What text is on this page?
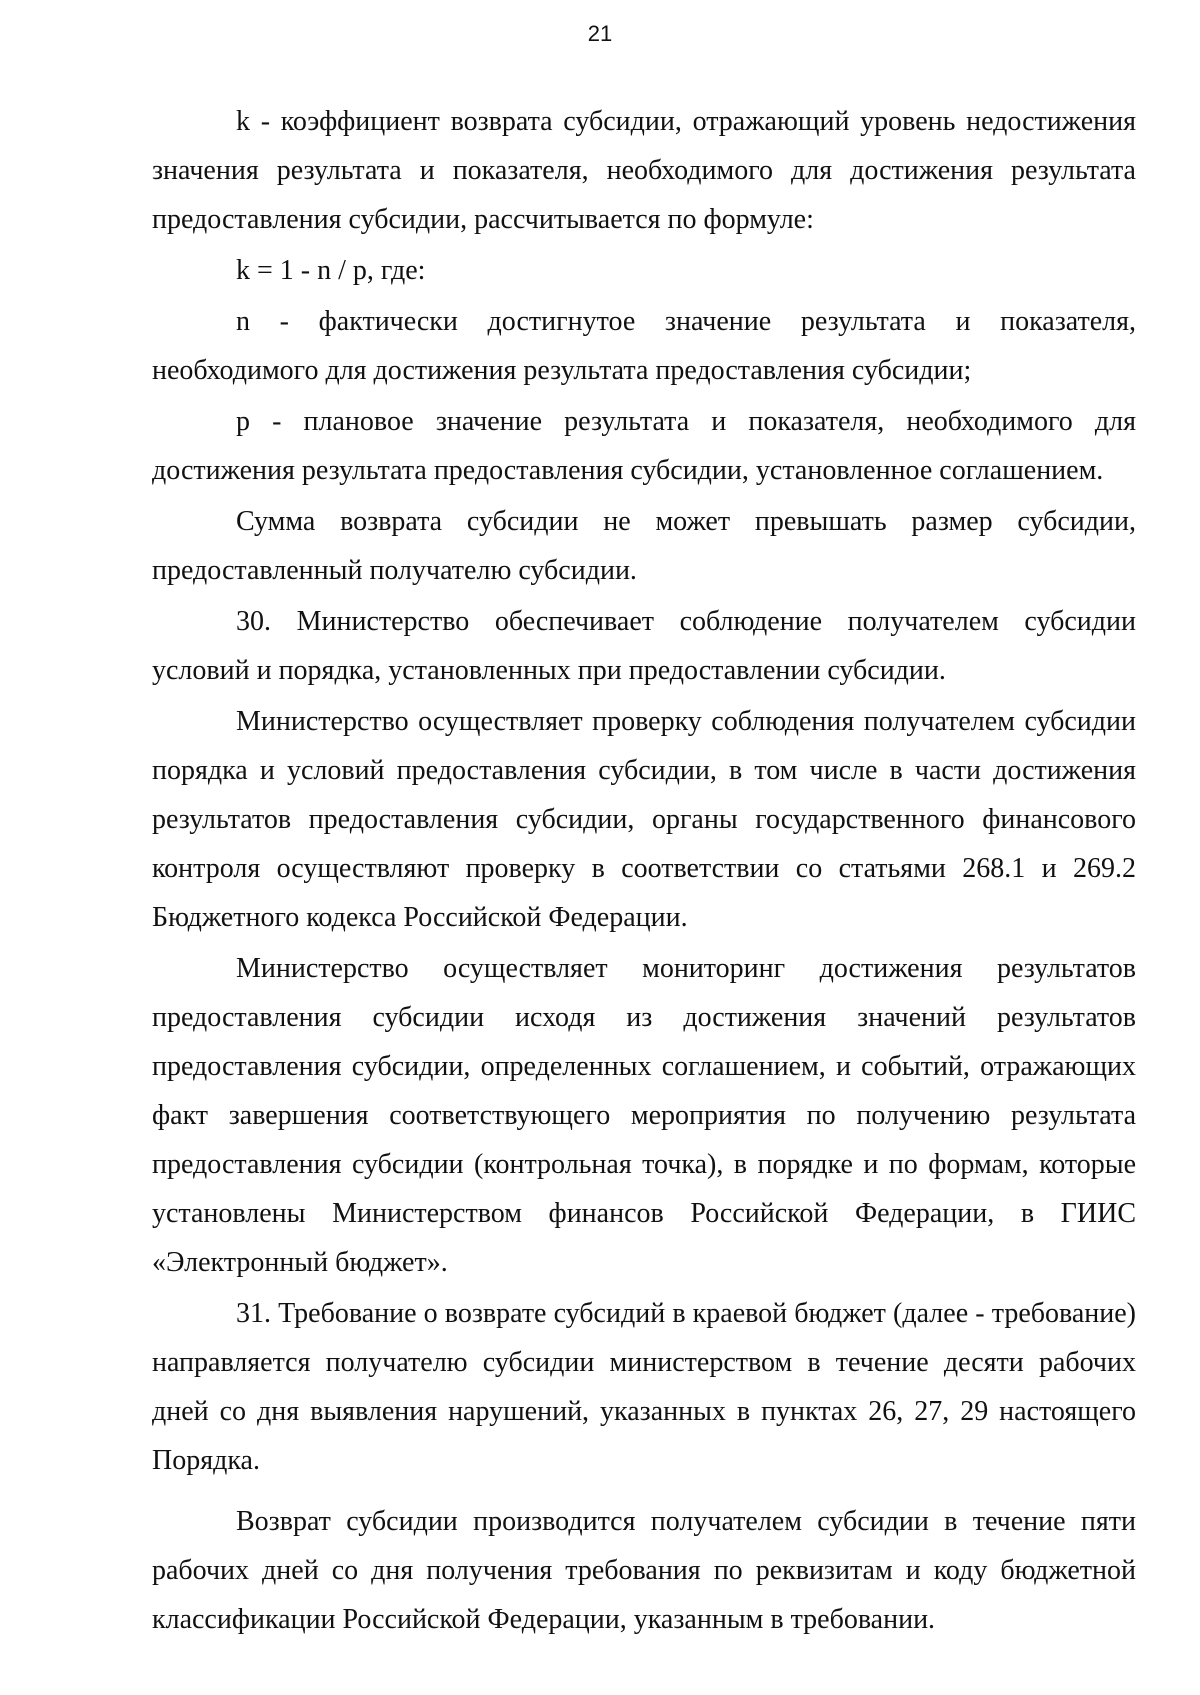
21

k - коэффициент возврата субсидии, отражающий уровень недостижения значения результата и показателя, необходимого для достижения результата предоставления субсидии, рассчитывается по формуле:

k = 1 - n / p, где:

n - фактически достигнутое значение результата и показателя, необходимого для достижения результата предоставления субсидии;

p - плановое значение результата и показателя, необходимого для достижения результата предоставления субсидии, установленное соглашением.

Сумма возврата субсидии не может превышать размер субсидии, предоставленный получателю субсидии.

30. Министерство обеспечивает соблюдение получателем субсидии условий и порядка, установленных при предоставлении субсидии.

Министерство осуществляет проверку соблюдения получателем субсидии порядка и условий предоставления субсидии, в том числе в части достижения результатов предоставления субсидии, органы государственного финансового контроля осуществляют проверку в соответствии со статьями 268.1 и 269.2 Бюджетного кодекса Российской Федерации.

Министерство осуществляет мониторинг достижения результатов предоставления субсидии исходя из достижения значений результатов предоставления субсидии, определенных соглашением, и событий, отражающих факт завершения соответствующего мероприятия по получению результата предоставления субсидии (контрольная точка), в порядке и по формам, которые установлены Министерством финансов Российской Федерации, в ГИИС «Электронный бюджет».

31. Требование о возврате субсидий в краевой бюджет (далее - требование) направляется получателю субсидии министерством в течение десяти рабочих дней со дня выявления нарушений, указанных в пунктах 26, 27, 29 настоящего Порядка.

Возврат субсидии производится получателем субсидии в течение пяти рабочих дней со дня получения требования по реквизитам и коду бюджетной классификации Российской Федерации, указанным в требовании.
